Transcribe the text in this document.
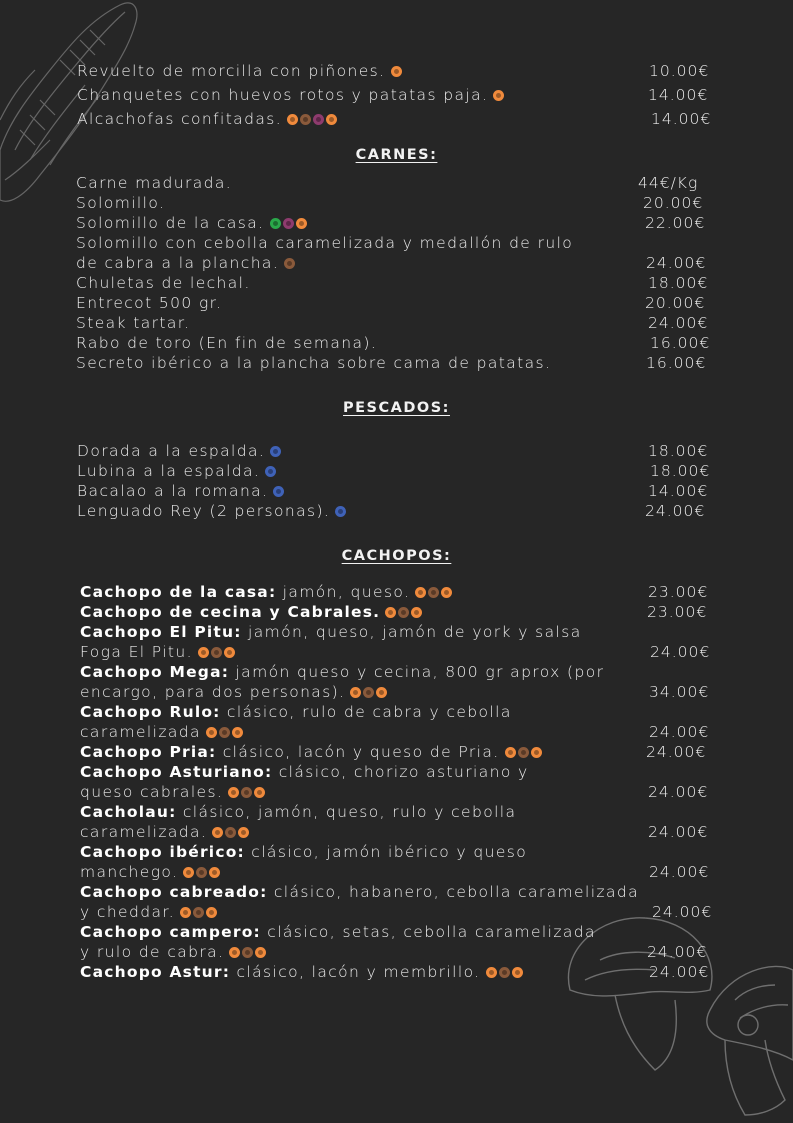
Revuelto de morcilla con piñones.	10.00€
Chanquetes con huevos rotos y patatas paja.	14.00€
Alcachofas confitadas.	14.00€
CARNES:
Carne madurada.	44€/Kg
Solomillo.	20.00€
Solomillo de la casa.	22.00€
Solomillo con cebolla caramelizada y medallón de rulo
de cabra a la plancha.	24.00€
Chuletas de lechal.	18.00€
Entrecot 500 gr.	20.00€
Steak tartar.	24.00€
Rabo de toro (En fin de semana).	16.00€
Secreto ibérico a la plancha sobre cama de patatas.	16.00€
PESCADOS:
Dorada a la espalda.	18.00€
Lubina a la espalda.	18.00€
Bacalao a la romana.	14.00€
Lenguado Rey (2 personas).	24.00€
CACHOPOS:
Cachopo de la casa: jamón, queso.	23.00€
Cachopo de cecina y Cabrales.	23.00€
Cachopo El Pitu: jamón, queso, jamón de york y salsa
Foga El Pitu.	24.00€
Cachopo Mega: jamón queso y cecina, 800 gr aprox (por
encargo, para dos personas).	34.00€
Cachopo Rulo: clásico, rulo de cabra y cebolla
caramelizada	24.00€
Cachopo Pria: clásico, lacón y queso de Pria.	24.00€
Cachopo Asturiano: clásico, chorizo asturiano y
queso cabrales.	24.00€
Cacholau: clásico, jamón, queso, rulo y cebolla
caramelizada.	24.00€
Cachopo ibérico: clásico, jamón ibérico y queso
manchego.	24.00€
Cachopo cabreado: clásico, habanero, cebolla caramelizada
y cheddar.	24.00€
Cachopo campero: clásico, setas, cebolla caramelizada
y rulo de cabra.	24.00€
Cachopo Astur: clásico, lacón y membrillo.	24.00€
